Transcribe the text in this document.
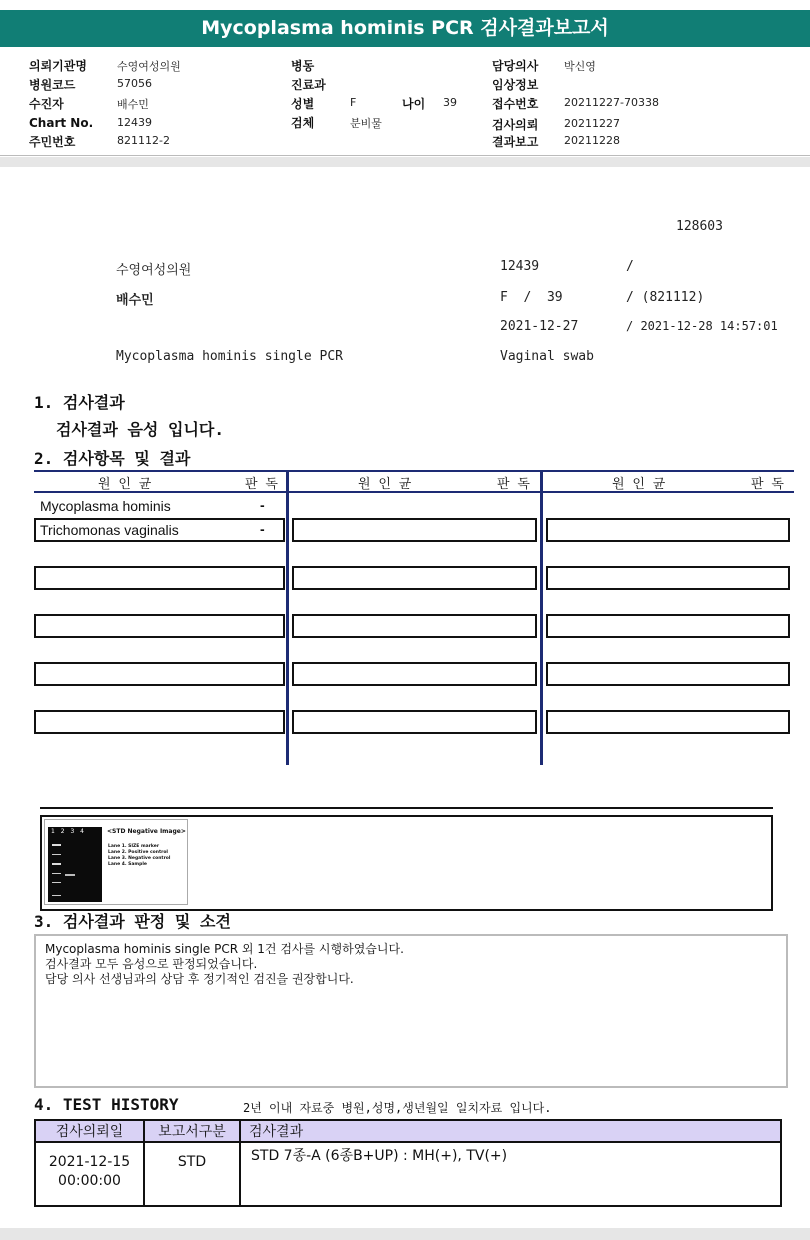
Mycoplasma hominis PCR 검사결과보고서
의뢰기관명	수영여성의원
병원코드	57056
수진자	배수민
Chart No. 12439
주민번호	821112-2
병동
진료과
성별	F	나이 39
검체	분비물
담당의사 박신영
임상정보
접수번호 20211227-70338
검사의뢰 20211227
결과보고 20211228
128603
수영여성의원	12439	/
배수민	F  /  39	/ (821112)
2021-12-27	/ 2021-12-28 14:57:01
Mycoplasma hominis single PCR	Vaginal swab
1. 검사결과
검사결과 음성 입니다.
2. 검사항목 및 결과
원 인 균	판 독	원 인 균	판 독	원 인 균	판 독
Mycoplasma hominis	-
Trichomonas vaginalis	-
1 2 3 4	<STD Negative Image>
Lane 1. SIZE marker
Lane 2. Positive control
Lane 3. Negative control
Lane 4. Sample
3. 검사결과 판정 및 소견
Mycoplasma hominis single PCR 외 1건 검사를 시행하였습니다.
검사결과 모두 음성으로 판정되었습니다.
담당 의사 선생님과의 상담 후 정기적인 검진을 권장합니다.
4. TEST HISTORY	2년 이내 자료중 병원,성명,생년월일 일치자료 입니다.
검사의뢰일	보고서구분	검사결과

2021-12-15
00:00:00	STD	STD 7종-A (6종B+UP) : MH(+), TV(+)
